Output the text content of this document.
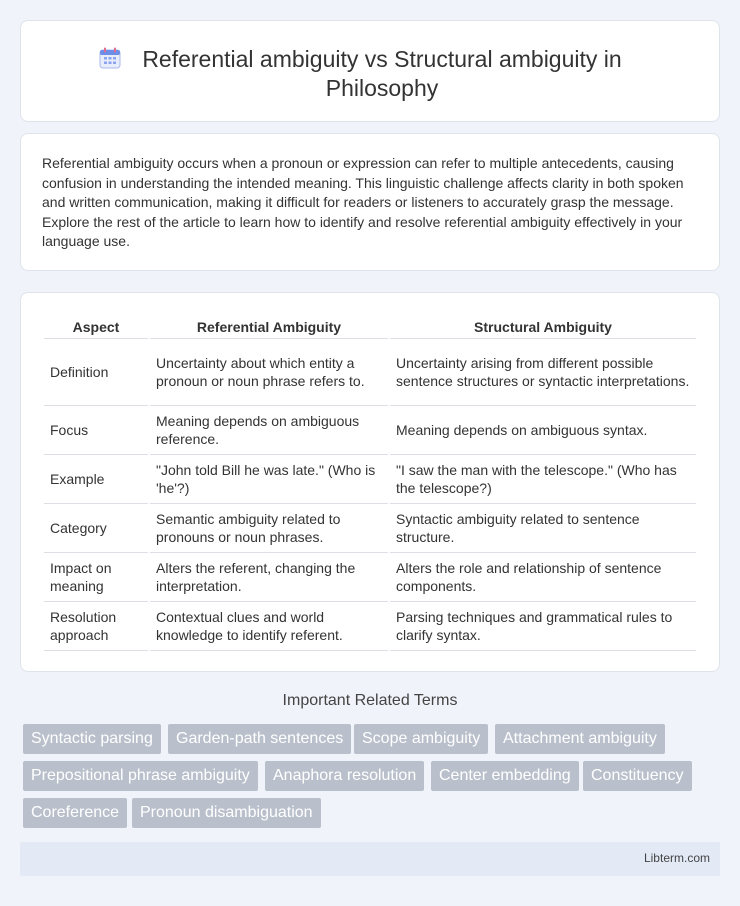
Referential ambiguity vs Structural ambiguity in Philosophy

Referential ambiguity occurs when a pronoun or expression can refer to multiple antecedents, causing confusion in understanding the intended meaning. This linguistic challenge affects clarity in both spoken and written communication, making it difficult for readers or listeners to accurately grasp the message. Explore the rest of the article to learn how to identify and resolve referential ambiguity effectively in your language use.

Aspect	Referential Ambiguity	Structural Ambiguity
Definition	Uncertainty about which entity a pronoun or noun phrase refers to.	Uncertainty arising from different possible sentence structures or syntactic interpretations.
Focus	Meaning depends on ambiguous reference.	Meaning depends on ambiguous syntax.
Example	"John told Bill he was late." (Who is 'he'?)	"I saw the man with the telescope." (Who has the telescope?)
Category	Semantic ambiguity related to pronouns or noun phrases.	Syntactic ambiguity related to sentence structure.
Impact on meaning	Alters the referent, changing the interpretation.	Alters the role and relationship of sentence components.
Resolution approach	Contextual clues and world knowledge to identify referent.	Parsing techniques and grammatical rules to clarify syntax.
Important Related Terms
Syntactic parsing	Garden-path sentences	Scope ambiguity	Attachment ambiguity
Prepositional phrase ambiguity	Anaphora resolution	Center embedding	Constituency
Coreference	Pronoun disambiguation
Libterm.com
